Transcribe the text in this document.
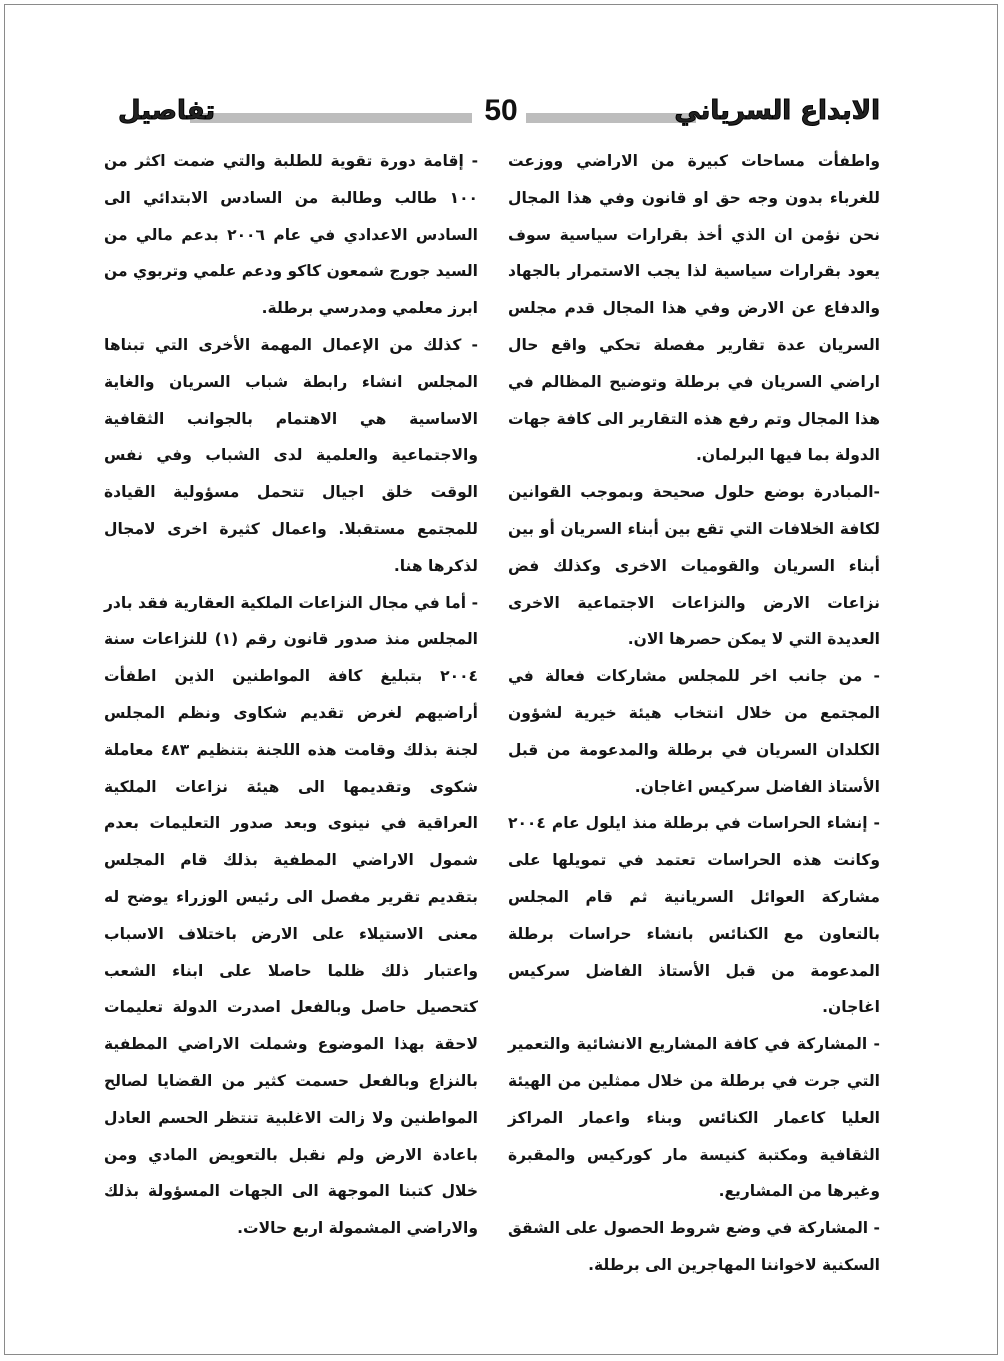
تفاصيل	50	الابداع السرياني

واطفأت مساحات كبيرة من الاراضي ووزعت للغرباء بدون وجه حق او قانون وفي هذا المجال نحن نؤمن ان الذي أخذ بقرارات سياسية سوف يعود بقرارات سياسية لذا يجب الاستمرار بالجهاد والدفاع عن الارض وفي هذا المجال قدم مجلس السريان عدة تقارير مفصلة تحكي واقع حال اراضي السريان في برطلة وتوضيح المظالم في هذا المجال وتم رفع هذه التقارير الى كافة جهات الدولة بما فيها البرلمان.

-المبادرة بوضع حلول صحيحة وبموجب القوانين لكافة الخلافات التي تقع بين أبناء السريان أو بين أبناء السريان والقوميات الاخرى وكذلك فض نزاعات الارض والنزاعات الاجتماعية الاخرى العديدة التي لا يمكن حصرها الان.

- من جانب اخر للمجلس مشاركات فعالة في المجتمع من خلال انتخاب هيئة خيرية لشؤون الكلدان السريان في برطلة والمدعومة من قبل الأستاذ الفاضل سركيس اغاجان.

- إنشاء الحراسات في برطلة منذ ايلول عام ٢٠٠٤ وكانت هذه الحراسات تعتمد في تمويلها على مشاركة العوائل السريانية ثم قام المجلس بالتعاون مع الكنائس بانشاء حراسات برطلة المدعومة من قبل الأستاذ الفاضل سركيس اغاجان.

- المشاركة في كافة المشاريع الانشائية والتعمير التي جرت في برطلة من خلال ممثلين من الهيئة العليا كاعمار الكنائس وبناء واعمار المراكز الثقافية ومكتبة كنيسة مار كوركيس والمقبرة وغيرها من المشاريع.

- المشاركة في وضع شروط الحصول على الشقق السكنية لاخواننا المهاجرين الى برطلة.

- إقامة دورة تقوية للطلبة والتي ضمت اكثر من ١٠٠ طالب وطالبة من السادس الابتدائي الى السادس الاعدادي في عام ٢٠٠٦ بدعم مالي من السيد جورج شمعون كاكو ودعم علمي وتربوي من ابرز معلمي ومدرسي برطلة.

- كذلك من الإعمال المهمة الأخرى التي تبناها المجلس انشاء رابطة شباب السريان والغاية الاساسية هي الاهتمام بالجوانب الثقافية والاجتماعية والعلمية لدى الشباب وفي نفس الوقت خلق اجيال تتحمل مسؤولية القيادة للمجتمع مستقبلا. واعمال كثيرة اخرى لامجال لذكرها هنا.

- أما في مجال النزاعات الملكية العقارية فقد بادر المجلس منذ صدور قانون رقم (١) للنزاعات سنة ٢٠٠٤ بتبليغ كافة المواطنين الذين اطفأت أراضيهم لغرض تقديم شكاوى ونظم المجلس لجنة بذلك وقامت هذه اللجنة بتنظيم ٤٨٣ معاملة شكوى وتقديمها الى هيئة نزاعات الملكية العراقية في نينوى وبعد صدور التعليمات بعدم شمول الاراضي المطفية بذلك قام المجلس بتقديم تقرير مفصل الى رئيس الوزراء يوضح له معنى الاستيلاء على الارض باختلاف الاسباب واعتبار ذلك ظلما حاصلا على ابناء الشعب كتحصيل حاصل وبالفعل اصدرت الدولة تعليمات لاحقة بهذا الموضوع وشملت الاراضي المطفية بالنزاع وبالفعل حسمت كثير من القضايا لصالح المواطنين ولا زالت الاغلبية تنتظر الحسم العادل باعادة الارض ولم نقبل بالتعويض المادي ومن خلال كتبنا الموجهة الى الجهات المسؤولة بذلك والاراضي المشمولة اربع حالات.
